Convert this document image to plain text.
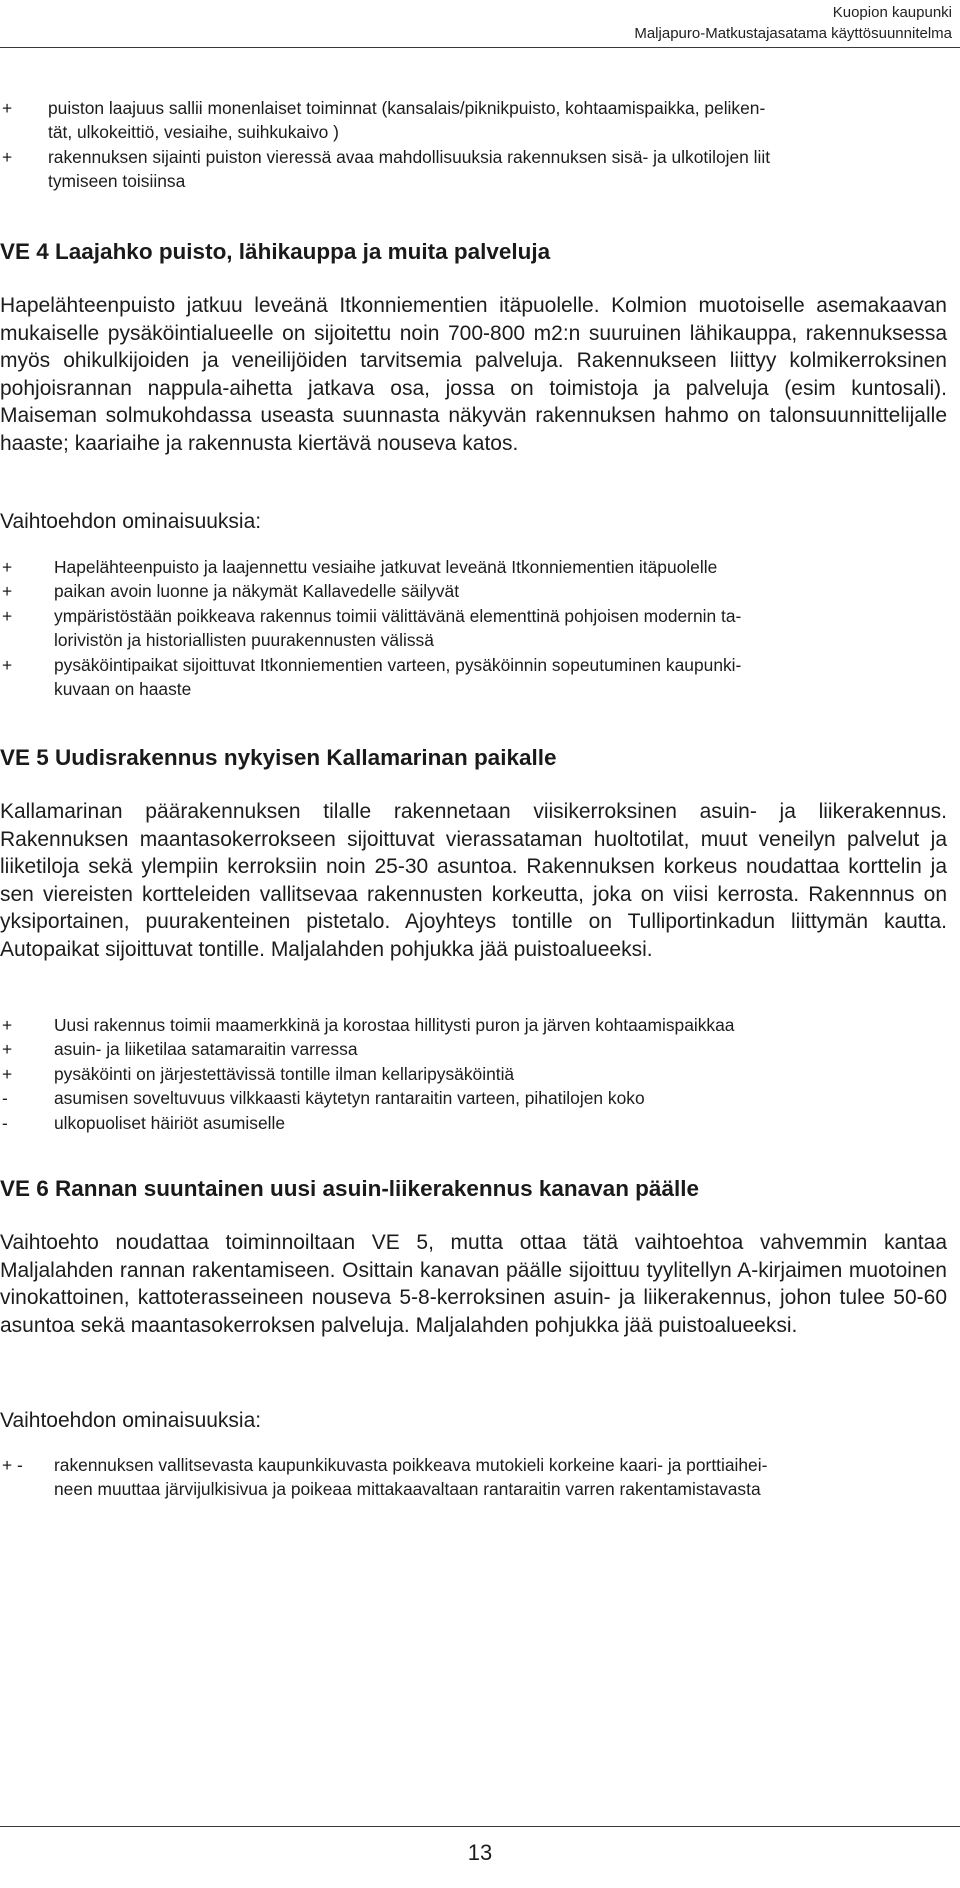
Kuopion kaupunki
Maljapuro-Matkustajasatama käyttösuunnitelma
+	puiston laajuus sallii monenlaiset toiminnat (kansalais/piknikpuisto, kohtaamispaikka, peliken-
tät, ulkokeittiö, vesiaihe, suihkukaivo )
+	rakennuksen sijainti puiston vieressä avaa mahdollisuuksia rakennuksen sisä- ja ulkotilojen liit
tymiseen toisiinsa
VE 4 Laajahko puisto, lähikauppa ja muita palveluja
Hapelähteenpuisto jatkuu leveänä Itkonniementien itäpuolelle. Kolmion muotoiselle asemakaavan mukaiselle pysäköintialueelle on sijoitettu noin 700-800 m2:n suuruinen lähikauppa, rakennuksessa myös ohikulkijoiden ja veneilijöiden tarvitsemia palveluja. Rakennukseen liittyy kolmikerroksinen pohjoisrannan nappula-aihetta jatkava osa, jossa on toimistoja ja palveluja (esim kuntosali). Maiseman solmukohdassa useasta suunnasta näkyvän rakennuksen hahmo on talonsuunnittelijalle haaste; kaariaihe ja rakennusta kiertävä nouseva katos.
Vaihtoehdon ominaisuuksia:
+	Hapelähteenpuisto ja laajennettu vesiaihe jatkuvat leveänä Itkonniementien itäpuolelle
+	paikan avoin luonne ja näkymät Kallavedelle säilyvät
+	ympäristöstään poikkeava rakennus toimii välittävänä elementtinä pohjoisen modernin ta-
lorivistön ja historiallisten puurakennusten välissä
+	pysäköintipaikat sijoittuvat Itkonniementien varteen, pysäköinnin sopeutuminen kaupunki-
kuvaan on haaste
VE 5 Uudisrakennus nykyisen Kallamarinan paikalle
Kallamarinan päärakennuksen tilalle rakennetaan viisikerroksinen asuin- ja liikerakennus. Rakennuksen maantasokerrokseen sijoittuvat vierassataman huoltotilat, muut veneilyn palvelut ja liiketiloja sekä ylempiin kerroksiin noin 25-30 asuntoa. Rakennuksen korkeus noudattaa korttelin ja sen viereisten kortteleiden vallitsevaa rakennusten korkeutta, joka on viisi kerrosta. Rakennnus on yksiportainen, puurakenteinen pistetalo. Ajoyhteys tontille on Tulliportinkadun liittymän kautta. Autopaikat sijoittuvat tontille. Maljalahden pohjukka jää puistoalueeksi.
+	Uusi rakennus toimii maamerkkinä ja korostaa hillitysti puron ja järven kohtaamispaikkaa
+	asuin- ja liiketilaa satamaraitin varressa
+	pysäköinti on järjestettävissä tontille ilman kellaripysäköintiä
-	asumisen soveltuvuus vilkkaasti käytetyn rantaraitin varteen, pihatilojen koko
-	ulkopuoliset häiriöt asumiselle
VE 6 Rannan suuntainen uusi asuin-liikerakennus kanavan päälle
Vaihtoehto noudattaa toiminnoiltaan VE 5, mutta ottaa tätä vaihtoehtoa vahvemmin kantaa Maljalahden rannan rakentamiseen. Osittain kanavan päälle sijoittuu tyylitellyn A-kirjaimen muotoinen vinokattoinen, kattoterasseineen nouseva 5-8-kerroksinen asuin- ja liikerakennus, johon tulee 50-60 asuntoa sekä maantasokerroksen palveluja. Maljalahden pohjukka jää puistoalueeksi.
Vaihtoehdon ominaisuuksia:
+ -	rakennuksen vallitsevasta kaupunkikuvasta poikkeava mutokieli korkeine kaari- ja porttiaihei-
neen muuttaa järvijulkisivua ja poikeaa mittakaavaltaan rantaraitin varren rakentamistavasta
13
